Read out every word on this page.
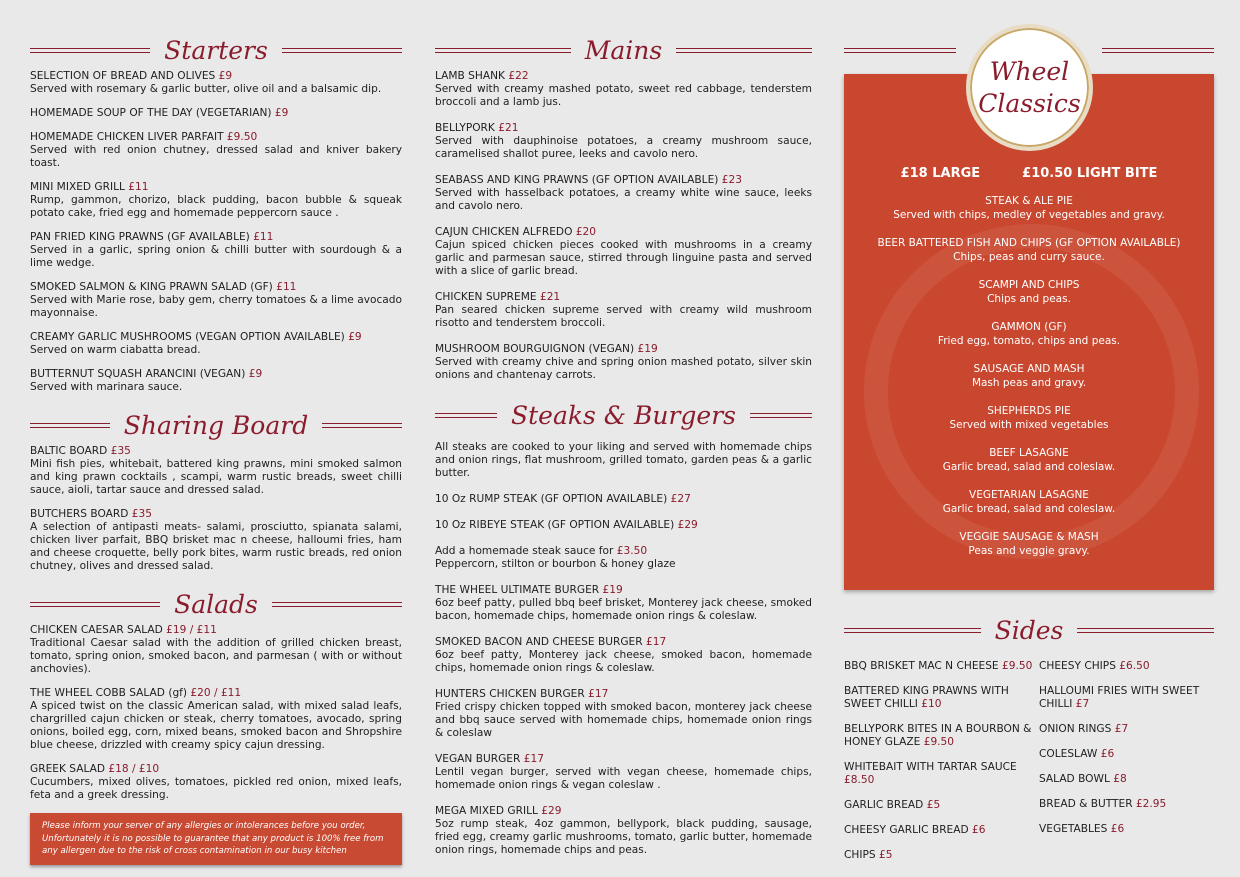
Starters
SELECTION OF BREAD AND OLIVES £9
Served with rosemary & garlic butter, olive oil and a balsamic dip.
HOMEMADE SOUP OF THE DAY (VEGETARIAN) £9
HOMEMADE CHICKEN LIVER PARFAIT £9.50
Served with red onion chutney, dressed salad and kniver bakery toast.
MINI MIXED GRILL £11
Rump, gammon, chorizo, black pudding, bacon bubble & squeak potato cake, fried egg and homemade peppercorn sauce .
PAN FRIED KING PRAWNS (GF AVAILABLE) £11
Served in a garlic, spring onion & chilli butter with sourdough & a lime wedge.
SMOKED SALMON & KING PRAWN SALAD (GF) £11
Served with Marie rose, baby gem, cherry tomatoes & a lime avocado mayonnaise.
CREAMY GARLIC MUSHROOMS (VEGAN OPTION AVAILABLE) £9
Served on warm ciabatta bread.
BUTTERNUT SQUASH ARANCINI (VEGAN) £9
Served with marinara sauce.
Sharing Board
BALTIC BOARD £35
Mini fish pies, whitebait, battered king prawns, mini smoked salmon and king prawn cocktails , scampi, warm rustic breads, sweet chilli sauce, aioli, tartar sauce and dressed salad.
BUTCHERS BOARD £35
A selection of antipasti meats- salami, prosciutto, spianata salami, chicken liver parfait, BBQ brisket mac n cheese, halloumi fries, ham and cheese croquette, belly pork bites, warm rustic breads, red onion chutney, olives and dressed salad.
Salads
CHICKEN CAESAR SALAD £19 / £11
Traditional Caesar salad with the addition of grilled chicken breast, tomato, spring onion, smoked bacon, and parmesan ( with or without anchovies).
THE WHEEL COBB SALAD (gf) £20 / £11
A spiced twist on the classic American salad, with mixed salad leafs, chargrilled cajun chicken or steak, cherry tomatoes, avocado, spring onions, boiled egg, corn, mixed beans, smoked bacon and Shropshire blue cheese, drizzled with creamy spicy cajun dressing.
GREEK SALAD £18 / £10
Cucumbers, mixed olives, tomatoes, pickled red onion, mixed leafs, feta and a greek dressing.
Please inform your server of any allergies or intolerances before you order, Unfortunately it is no possible to guarantee that any product is 100% free from any allergen due to the risk of cross contamination in our busy kitchen
Mains
LAMB SHANK £22
Served with creamy mashed potato, sweet red cabbage, tenderstem broccoli and a lamb jus.
BELLYPORK £21
Served with dauphinoise potatoes, a creamy mushroom sauce, caramelised shallot puree, leeks and cavolo nero.
SEABASS AND KING PRAWNS (GF OPTION AVAILABLE) £23
Served with hasselback potatoes, a creamy white wine sauce, leeks and cavolo nero.
CAJUN CHICKEN ALFREDO £20
Cajun spiced chicken pieces cooked with mushrooms in a creamy garlic and parmesan sauce, stirred through linguine pasta and served with a slice of garlic bread.
CHICKEN SUPREME £21
Pan seared chicken supreme served with creamy wild mushroom risotto and tenderstem broccoli.
MUSHROOM BOURGUIGNON (VEGAN) £19
Served with creamy chive and spring onion mashed potato, silver skin onions and chantenay carrots.
Steaks & Burgers
All steaks are cooked to your liking and served with homemade chips and onion rings, flat mushroom, grilled tomato, garden peas & a garlic butter.
10 Oz RUMP STEAK (GF OPTION AVAILABLE) £27
10 Oz RIBEYE STEAK (GF OPTION AVAILABLE) £29
Add a homemade steak sauce for £3.50
Peppercorn, stilton or bourbon & honey glaze
THE WHEEL ULTIMATE BURGER £19
6oz beef patty, pulled bbq beef brisket, Monterey jack cheese, smoked bacon, homemade chips, homemade onion rings & coleslaw.
SMOKED BACON AND CHEESE BURGER £17
6oz beef patty, Monterey jack cheese, smoked bacon, homemade chips, homemade onion rings & coleslaw.
HUNTERS CHICKEN BURGER £17
Fried crispy chicken topped with smoked bacon, monterey jack cheese and bbq sauce served with homemade chips, homemade onion rings & coleslaw
VEGAN BURGER £17
Lentil vegan burger, served with vegan cheese, homemade chips, homemade onion rings & vegan coleslaw .
MEGA MIXED GRILL £29
5oz rump steak, 4oz gammon, bellypork, black pudding, sausage, fried egg, creamy garlic mushrooms, tomato, garlic butter, homemade onion rings, homemade chips and peas.
£18 LARGE	£10.50 LIGHT BITE
STEAK & ALE PIE
Served with chips, medley of vegetables and gravy.
BEER BATTERED FISH AND CHIPS (GF OPTION AVAILABLE)
Chips, peas and curry sauce.
SCAMPI AND CHIPS
Chips and peas.
GAMMON (GF)
Fried egg, tomato, chips and peas.
SAUSAGE AND MASH
Mash peas and gravy.
SHEPHERDS PIE
Served with mixed vegetables
BEEF LASAGNE
Garlic bread, salad and coleslaw.
VEGETARIAN LASAGNE
Garlic bread, salad and coleslaw.
VEGGIE SAUSAGE & MASH
Peas and veggie gravy.
Wheel
Classics
Sides
BBQ BRISKET MAC N CHEESE £9.50
BATTERED KING PRAWNS WITH SWEET CHILLI £10
BELLYPORK BITES IN A BOURBON & HONEY GLAZE £9.50
WHITEBAIT WITH TARTAR SAUCE £8.50
GARLIC BREAD £5
CHEESY GARLIC BREAD £6
CHIPS £5
CHEESY CHIPS £6.50
HALLOUMI FRIES WITH SWEET CHILLI £7
ONION RINGS £7
COLESLAW £6
SALAD BOWL £8
BREAD & BUTTER £2.95
VEGETABLES £6
